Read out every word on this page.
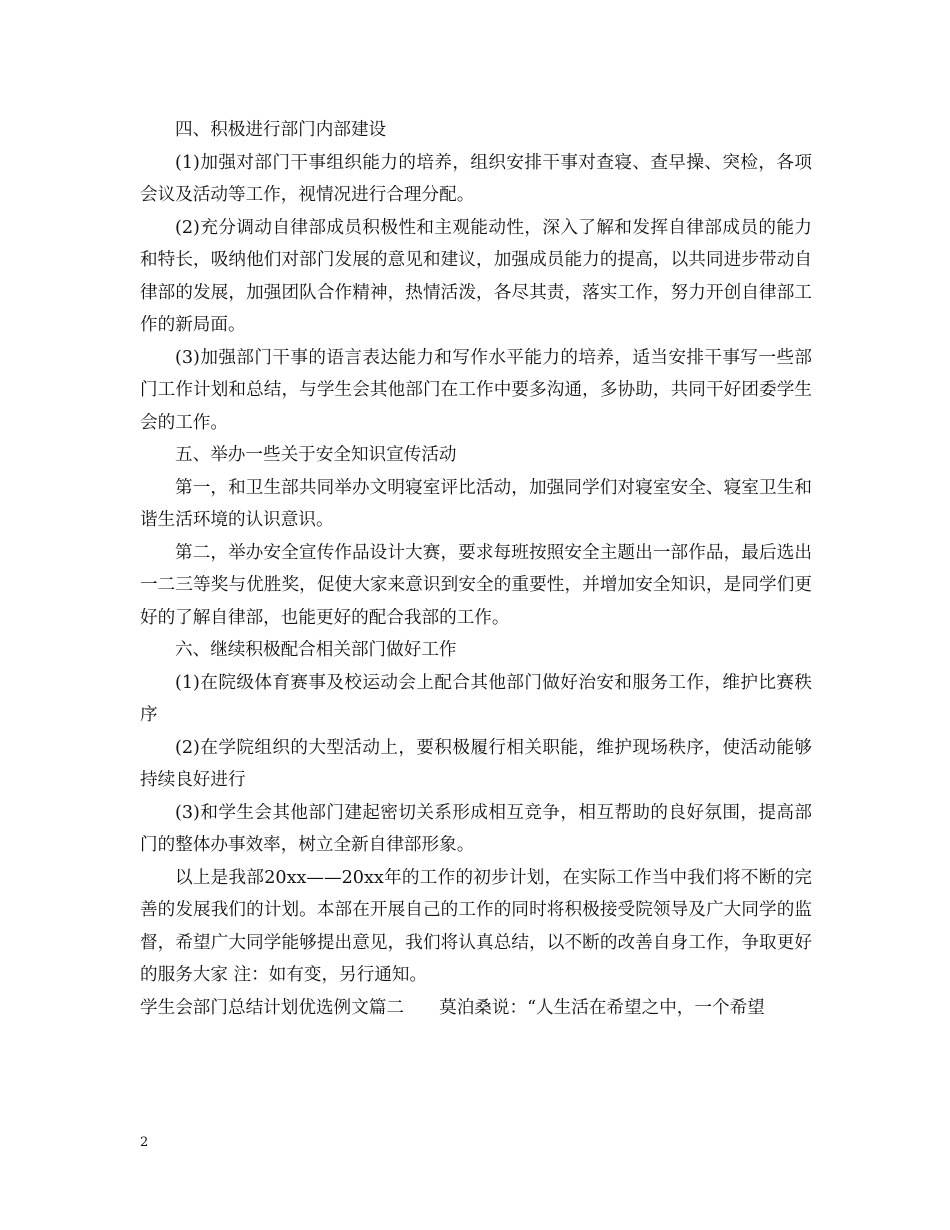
四、积极进行部门内部建设

(1)加强对部门干事组织能力的培养，组织安排干事对查寝、查早操、突检，各项会议及活动等工作，视情况进行合理分配。

(2)充分调动自律部成员积极性和主观能动性，深入了解和发挥自律部成员的能力和特长，吸纳他们对部门发展的意见和建议，加强成员能力的提高，以共同进步带动自律部的发展，加强团队合作精神，热情活泼，各尽其责，落实工作，努力开创自律部工作的新局面。

(3)加强部门干事的语言表达能力和写作水平能力的培养，适当安排干事写一些部门工作计划和总结，与学生会其他部门在工作中要多沟通，多协助，共同干好团委学生会的工作。

五、举办一些关于安全知识宣传活动

第一，和卫生部共同举办文明寝室评比活动，加强同学们对寝室安全、寝室卫生和谐生活环境的认识意识。

第二，举办安全宣传作品设计大赛，要求每班按照安全主题出一部作品，最后选出一二三等奖与优胜奖，促使大家来意识到安全的重要性，并增加安全知识，是同学们更好的了解自律部，也能更好的配合我部的工作。

六、继续积极配合相关部门做好工作

(1)在院级体育赛事及校运动会上配合其他部门做好治安和服务工作，维护比赛秩序

(2)在学院组织的大型活动上，要积极履行相关职能，维护现场秩序，使活动能够持续良好进行

(3)和学生会其他部门建起密切关系形成相互竞争，相互帮助的良好氛围，提高部门的整体办事效率，树立全新自律部形象。

以上是我部20xx——20xx年的工作的初步计划，在实际工作当中我们将不断的完善的发展我们的计划。本部在开展自己的工作的同时将积极接受院领导及广大同学的监督，希望广大同学能够提出意见，我们将认真总结，以不断的改善自身工作，争取更好的服务大家 注：如有变，另行通知。

学生会部门总结计划优选例文篇二　　莫泊桑说：“人生活在希望之中，一个希望

2
